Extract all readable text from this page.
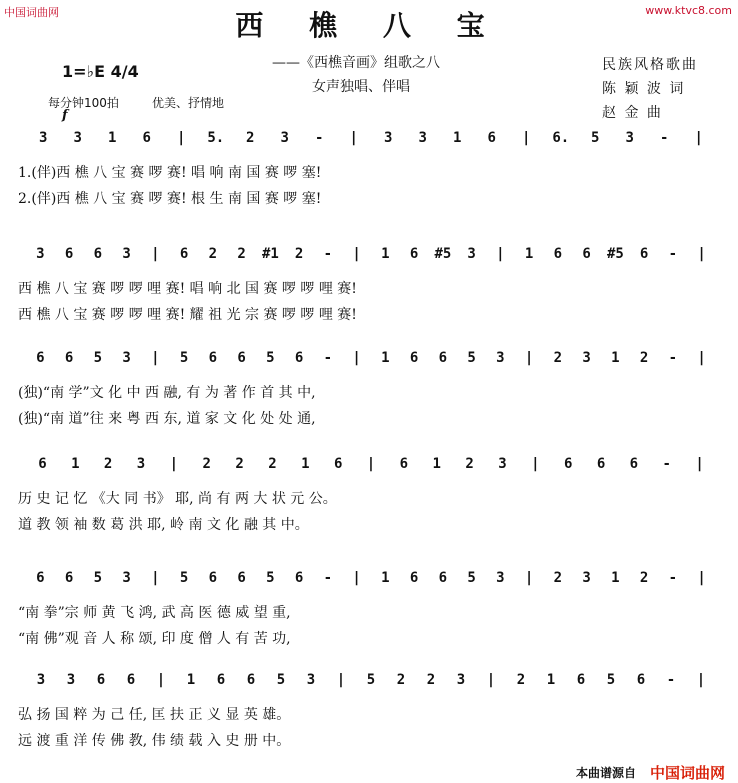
中国词曲网	www.ktvc8.com
西 樵 八 宝
——《西樵音画》组歌之八
女声独唱、伴唱
民族风格歌曲
陈 颖 波 词
赵 金 曲
1=♭E 4/4
每分钟100拍	优美、抒情地
f
3	3	1	6	|	5.	2	3	-	|	3	3	1	6	|	6.	5	3	-	|
1.(伴)西 樵 八 宝 赛 啰 赛! 唱 响 南 国 赛 啰 塞!
2.(伴)西 樵 八 宝 赛 啰 赛! 根 生 南 国 赛 啰 塞!
3	6	6	3	|	6	2	2	#1	2	-	|	1	6	#5	3	|	1	6	6	#5	6	-	|
西 樵 八 宝 赛 啰 啰 哩 赛! 唱 响 北 国 赛 啰 啰 哩 赛!
西 樵 八 宝 赛 啰 啰 哩 赛! 耀 祖 光 宗 赛 啰 啰 哩 赛!
6	6	5	3	|	5	6	6	5	6	-	|	1	6	6	5	3	|	2	3	1	2	-	|
(独)“南 学”文 化 中 西 融, 有 为 著 作 首 其 中,
(独)“南 道”往 来 粤 西 东, 道 家 文 化 处 处 通,
6	1	2	3	|	2	2	2	1	6	|	6	1	2	3	|	6	6	6	-	|
历 史 记 忆 《大 同 书》 耶, 尚 有 两 大 状 元 公。
道 教 领 袖 数 葛 洪 耶, 岭 南 文 化 融 其 中。
6	6	5	3	|	5	6	6	5	6	-	|	1	6	6	5	3	|	2	3	1	2	-	|
“南 拳”宗 师 黄 飞 鸿, 武 高 医 德 威 望 重,
“南 佛”观 音 人 称 颂, 印 度 僧 人 有 苦 功,
3	3	6	6	|	1	6	6	5	3	|	5	2	2	3	|	2	1	6	5	6	-	|
弘 扬 国 粹 为 己 任, 匡 扶 正 义 显 英 雄。
远 渡 重 洋 传 佛 教, 伟 绩 载 入 史 册 中。
本曲谱源自 中国词曲网
